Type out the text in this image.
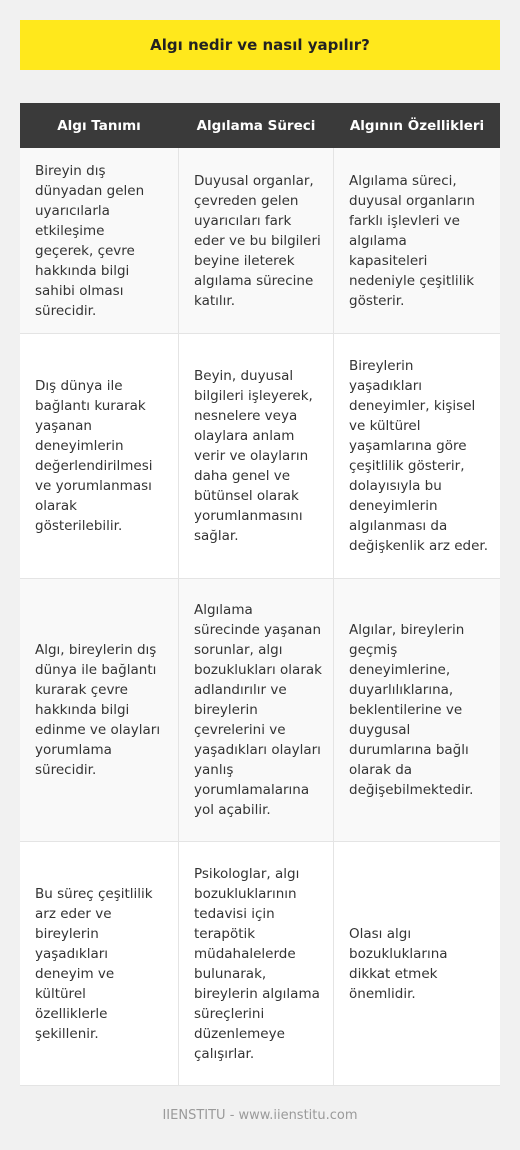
Algı nedir ve nasıl yapılır?
Algı Tanımı	Algılama Süreci	Algının Özellikleri
Bireyin dış dünyadan gelen uyarıcılarla etkileşime geçerek, çevre hakkında bilgi sahibi olması sürecidir.
Duyusal organlar, çevreden gelen uyarıcıları fark eder ve bu bilgileri beyine ileterek algılama sürecine katılır.
Algılama süreci, duyusal organların farklı işlevleri ve algılama kapasiteleri nedeniyle çeşitlilik gösterir.
Dış dünya ile bağlantı kurarak yaşanan deneyimlerin değerlendirilmesi ve yorumlanması olarak gösterilebilir.
Beyin, duyusal bilgileri işleyerek, nesnelere veya olaylara anlam verir ve olayların daha genel ve bütünsel olarak yorumlanmasını sağlar.
Bireylerin yaşadıkları deneyimler, kişisel ve kültürel yaşamlarına göre çeşitlilik gösterir, dolayısıyla bu deneyimlerin algılanması da değişkenlik arz eder.
Algı, bireylerin dış dünya ile bağlantı kurarak çevre hakkında bilgi edinme ve olayları yorumlama sürecidir.
Algılama sürecinde yaşanan sorunlar, algı bozuklukları olarak adlandırılır ve bireylerin çevrelerini ve yaşadıkları olayları yanlış yorumlamalarına yol açabilir.
Algılar, bireylerin geçmiş deneyimlerine, duyarlılıklarına, beklentilerine ve duygusal durumlarına bağlı olarak da değişebilmektedir.
Bu süreç çeşitlilik arz eder ve bireylerin yaşadıkları deneyim ve kültürel özelliklerle şekillenir.
Psikologlar, algı bozukluklarının tedavisi için terapötik müdahalelerde bulunarak, bireylerin algılama süreçlerini düzenlemeye çalışırlar.
Olası algı bozukluklarına dikkat etmek önemlidir.
IIENSTITU - www.iienstitu.com
